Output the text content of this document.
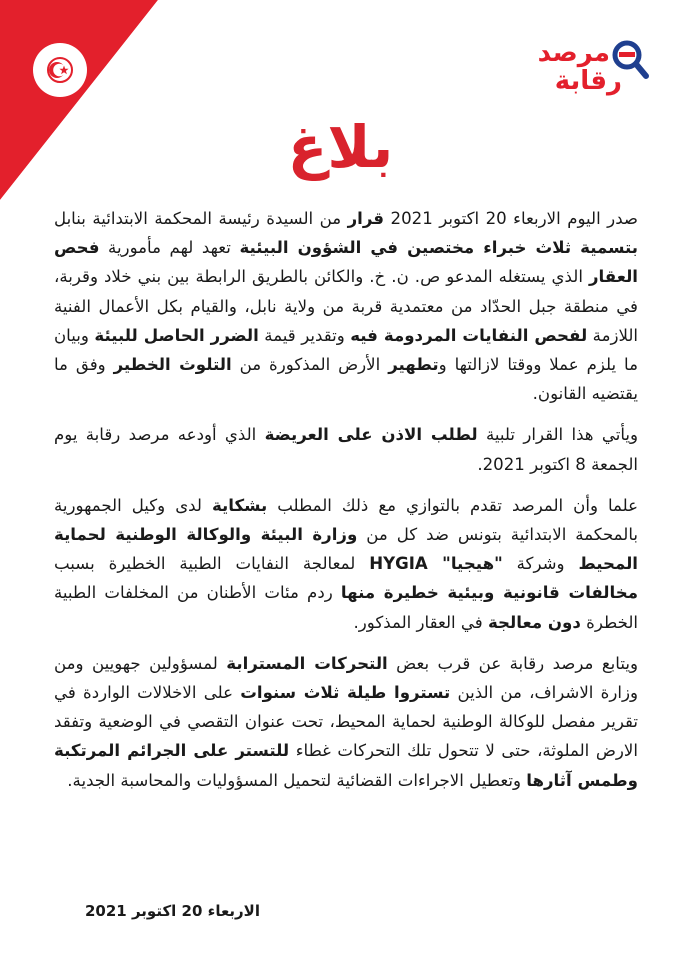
مرصد
رقابة
بلاغ

صدر اليوم الاربعاء 20 اكتوبر 2021 قرار من السيدة رئيسة المحكمة الابتدائية بنابل بتسمية ثلاث خبراء مختصين في الشؤون البيئية تعهد لهم مأمورية فحص العقار الذي يستغله المدعو ص. ن. خ. والكائن بالطريق الرابطة بين بني خلاد وقربة، في منطقة جبل الحدّاد من معتمدية قربة من ولاية نابل، والقيام بكل الأعمال الفنية اللازمة لفحص النفايات المردومة فيه وتقدير قيمة الضرر الحاصل للبيئة وبيان ما يلزم عملا ووقتا لازالتها وتطهير الأرض المذكورة من التلوث الخطير وفق ما يقتضيه القانون.

ويأتي هذا القرار تلبية لطلب الاذن على العريضة الذي أودعه مرصد رقابة يوم الجمعة 8 اكتوبر 2021.

علما وأن المرصد تقدم بالتوازي مع ذلك المطلب بشكاية لدى وكيل الجمهورية بالمحكمة الابتدائية بتونس ضد كل من وزارة البيئة والوكالة الوطنية لحماية المحيط وشركة "هيجيا" HYGIA لمعالجة النفايات الطبية الخطيرة بسبب مخالفات قانونية وبيئية خطيرة منها ردم مئات الأطنان من المخلفات الطبية الخطرة دون معالجة في العقار المذكور.

ويتابع مرصد رقابة عن قرب بعض التحركات المسترابة لمسؤولين جهويين ومن وزارة الاشراف، من الذين تستروا طيلة ثلاث سنوات على الاخلالات الواردة في تقرير مفصل للوكالة الوطنية لحماية المحيط، تحت عنوان التقصي في الوضعية وتفقد الارض الملوثة، حتى لا تتحول تلك التحركات غطاء للتستر على الجرائم المرتكبة وطمس آثارها وتعطيل الاجراءات القضائية لتحميل المسؤوليات والمحاسبة الجدية.

الاربعاء 20 اكتوبر 2021
